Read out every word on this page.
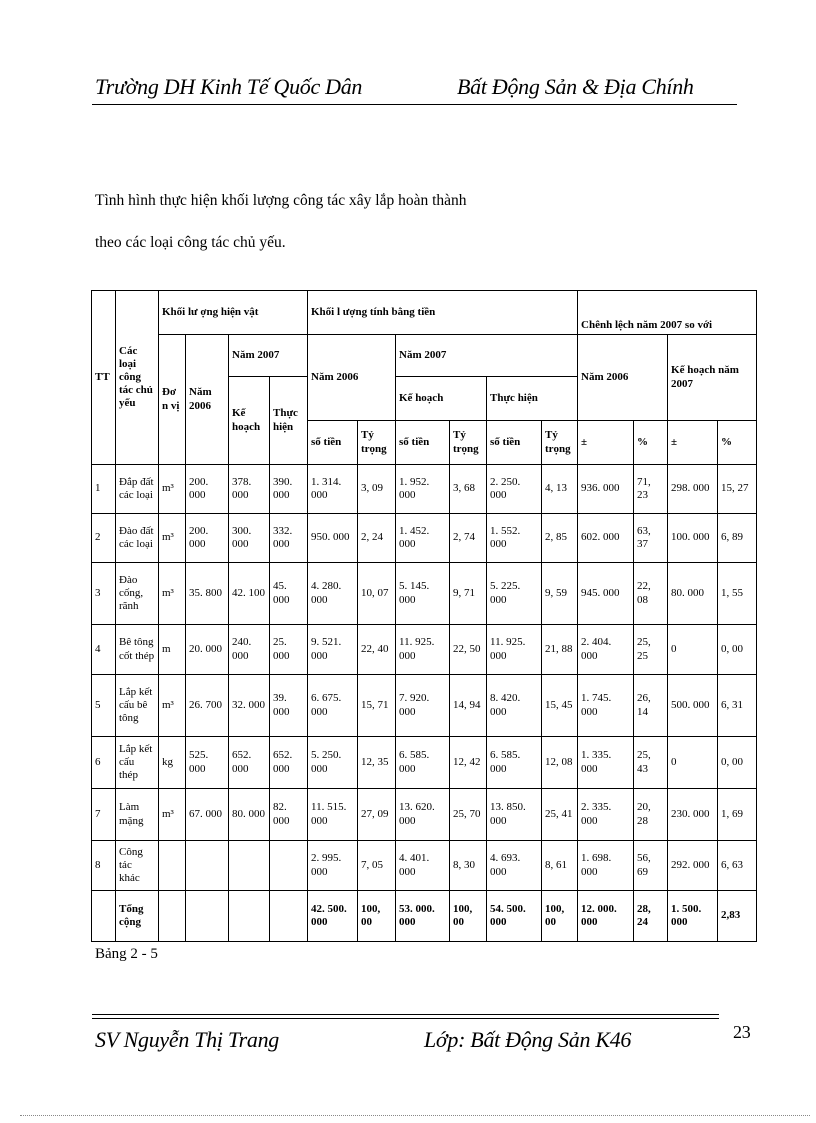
Trường DH Kinh Tế Quốc Dân	Bất Động Sản & Địa Chính
Tình hình thực hiện khối lượng công tác xây lắp hoàn thành
theo các loại công tác chủ yếu.
TT	Các loại công tác chủ yếu	Khối lư ợng hiện vật				Khối l ượng tính bằng tiền						Chênh lệch năm 2007 so với			
		Đơ n vị	Năm 2006	Năm 2007		Năm 2006		Năm 2007				Năm 2006		Kế hoạch năm 2007	
				Kế hoạch	Thực hiện			Kế hoạch		Thực hiện					
						số tiền	Tỷ trọng	số tiền	Tỷ trọng	số tiền	Tỷ trọng	±	%	±	%
1	Đắp đất các loại	m³	200. 000	378. 000	390. 000	1. 314. 000	3, 09	1. 952. 000	3, 68	2. 250. 000	4, 13	936. 000	71, 23	298. 000	15, 27
2	Đào đất các loại	m³	200. 000	300. 000	332. 000	950. 000	2, 24	1. 452. 000	2, 74	1. 552. 000	2, 85	602. 000	63, 37	100. 000	6, 89
3	Đào cống, rãnh	m³	35. 800	42. 100	45. 000	4. 280. 000	10, 07	5. 145. 000	9, 71	5. 225. 000	9, 59	945. 000	22, 08	80. 000	1, 55
4	Bê tông cốt thép	m	20. 000	240. 000	25. 000	9. 521. 000	22, 40	11. 925. 000	22, 50	11. 925. 000	21, 88	2. 404. 000	25, 25	0	0, 00
5	Lắp kết cấu bê tông	m³	26. 700	32. 000	39. 000	6. 675. 000	15, 71	7. 920. 000	14, 94	8. 420. 000	15, 45	1. 745. 000	26, 14	500. 000	6, 31
6	Lắp kết cấu thép	kg	525. 000	652. 000	652. 000	5. 250. 000	12, 35	6. 585. 000	12, 42	6. 585. 000	12, 08	1. 335. 000	25, 43	0	0, 00
7	Làm mặng	m³	67. 000	80. 000	82. 000	11. 515. 000	27, 09	13. 620. 000	25, 70	13. 850. 000	25, 41	2. 335. 000	20, 28	230. 000	1, 69
8	Công tác khác					2. 995. 000	7, 05	4. 401. 000	8, 30	4. 693. 000	8, 61	1. 698. 000	56, 69	292. 000	6, 63
	Tổng cộng					42. 500. 000	100, 00	53. 000. 000	100, 00	54. 500. 000	100, 00	12. 000. 000	28, 24	1. 500. 000	2,83
Bảng 2 - 5
SV Nguyễn Thị Trang	Lớp: Bất Động Sản K46	23
